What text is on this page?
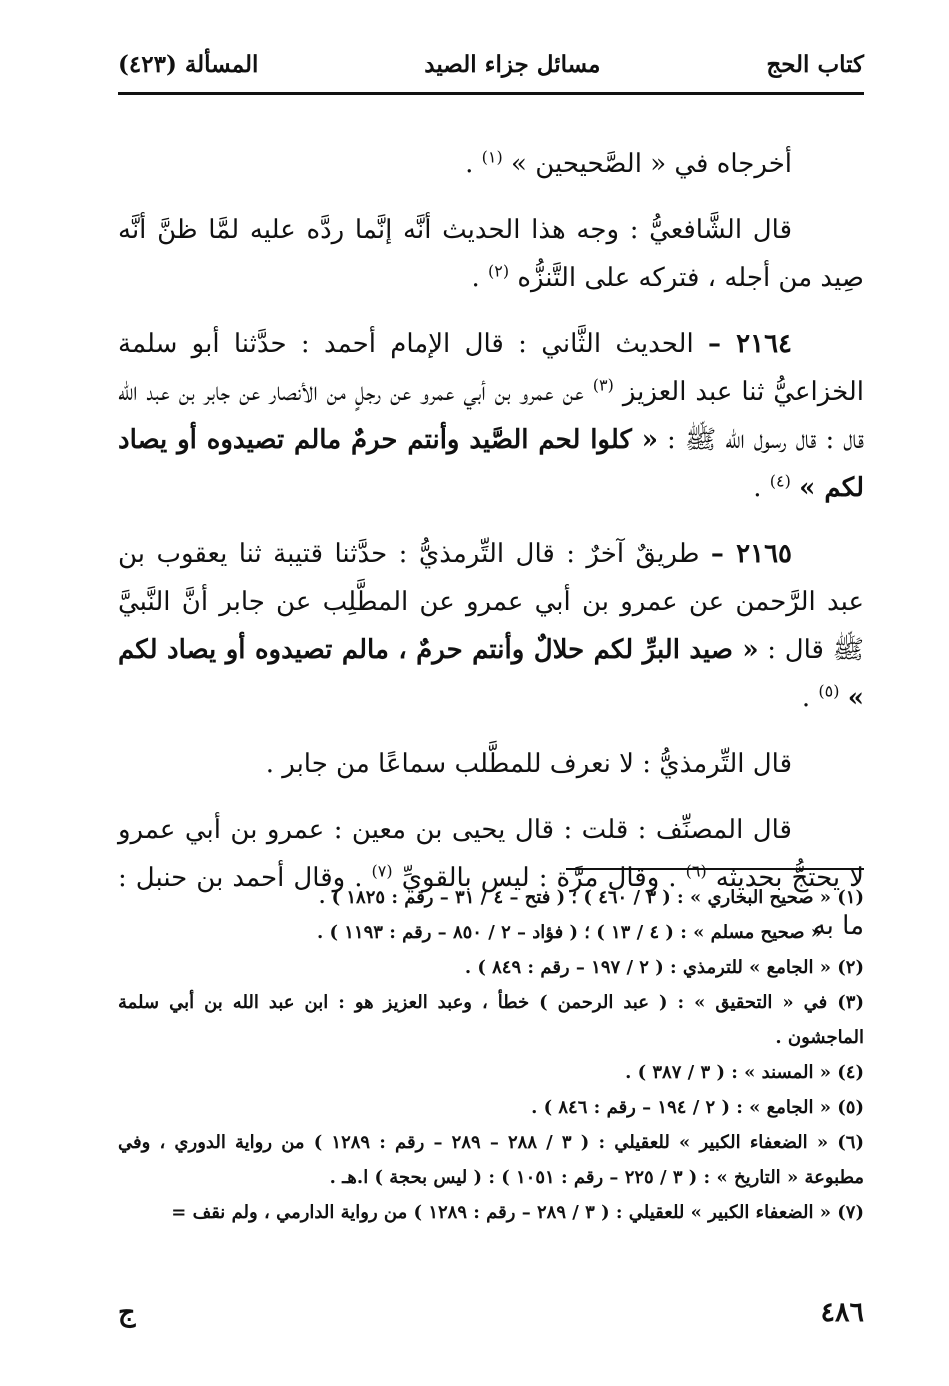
كتاب الحج
مسائل جزاء الصيد
المسألة (٤٢٣)

أخرجاه في « الصَّحيحين » $^{(١)}$ .

قال الشَّافعيُّ : وجه هذا الحديث أنَّه إنَّما ردَّه عليه لمَّا ظنَّ أنَّه صِيد من أجله ، فتركه على التَّنزُّه $^{(٢)}$ .

٢١٦٤ – الحديث الثَّاني : قال الإمام أحمد : حدَّثنا أبو سلمة الخزاعيُّ ثنا عبد العزيز $^{(٣)}$ عن عمرو بن أبي عمرو عن رجلٍ من الأنصار عن جابر بن عبد الله قال : قال رسول الله ﷺ : « كلوا لحم الصَّيد وأنتم حرمٌ مالم تصيدوه أو يصاد لكم » $^{(٤)}$ .

٢١٦٥ – طريقٌ آخرٌ : قال التِّرمذيُّ : حدَّثنا قتيبة ثنا يعقوب بن عبد الرَّحمن عن عمرو بن أبي عمرو عن المطَّلِب عن جابر أنَّ النَّبيَّ ﷺ قال : « صيد البرِّ لكم حلالٌ وأنتم حرمٌ ، مالم تصيدوه أو يصاد لكم » $^{(٥)}$ .

قال التِّرمذيُّ : لا نعرف للمطَّلب سماعًا من جابر .

قال المصنِّف : قلت : قال يحيى بن معين : عمرو بن أبي عمرو لا يحتجُّ بحديثه $^{(٦)}$ . وقال مرَّة : ليس بالقويِّ $^{(٧)}$ . وقال أحمد بن حنبل : ما به

(١) « صحيح البخاري » : ( ٣ / ٤٦٠ ) ؛ ( فتح – ٤ / ٣١ – رقم : ١٨٢٥ ) .

« صحيح مسلم » : ( ٤ / ١٣ ) ؛ ( فؤاد – ٢ / ٨٥٠ – رقم : ١١٩٣ ) .

(٢) « الجامع » للترمذي : ( ٢ / ١٩٧ – رقم : ٨٤٩ ) .

(٣) في « التحقيق » : ( عبد الرحمن ) خطأ ، وعبد العزيز هو : ابن عبد الله بن أبي سلمة الماجشون .

(٤) « المسند » : ( ٣ / ٣٨٧ ) .

(٥) « الجامع » : ( ٢ / ١٩٤ – رقم : ٨٤٦ ) .

(٦) « الضعفاء الكبير » للعقيلي : ( ٣ / ٢٨٨ – ٢٨٩ – رقم : ١٢٨٩ ) من رواية الدوري ، وفي مطبوعة « التاريخ » : ( ٣ / ٢٢٥ – رقم : ١٠٥١ ) : ( ليس بحجة ) ا.هـ .

(٧) « الضعفاء الكبير » للعقيلي : ( ٣ / ٢٨٩ – رقم : ١٢٨٩ ) من رواية الدارمي ، ولم نقف =

٤٨٦
ج
